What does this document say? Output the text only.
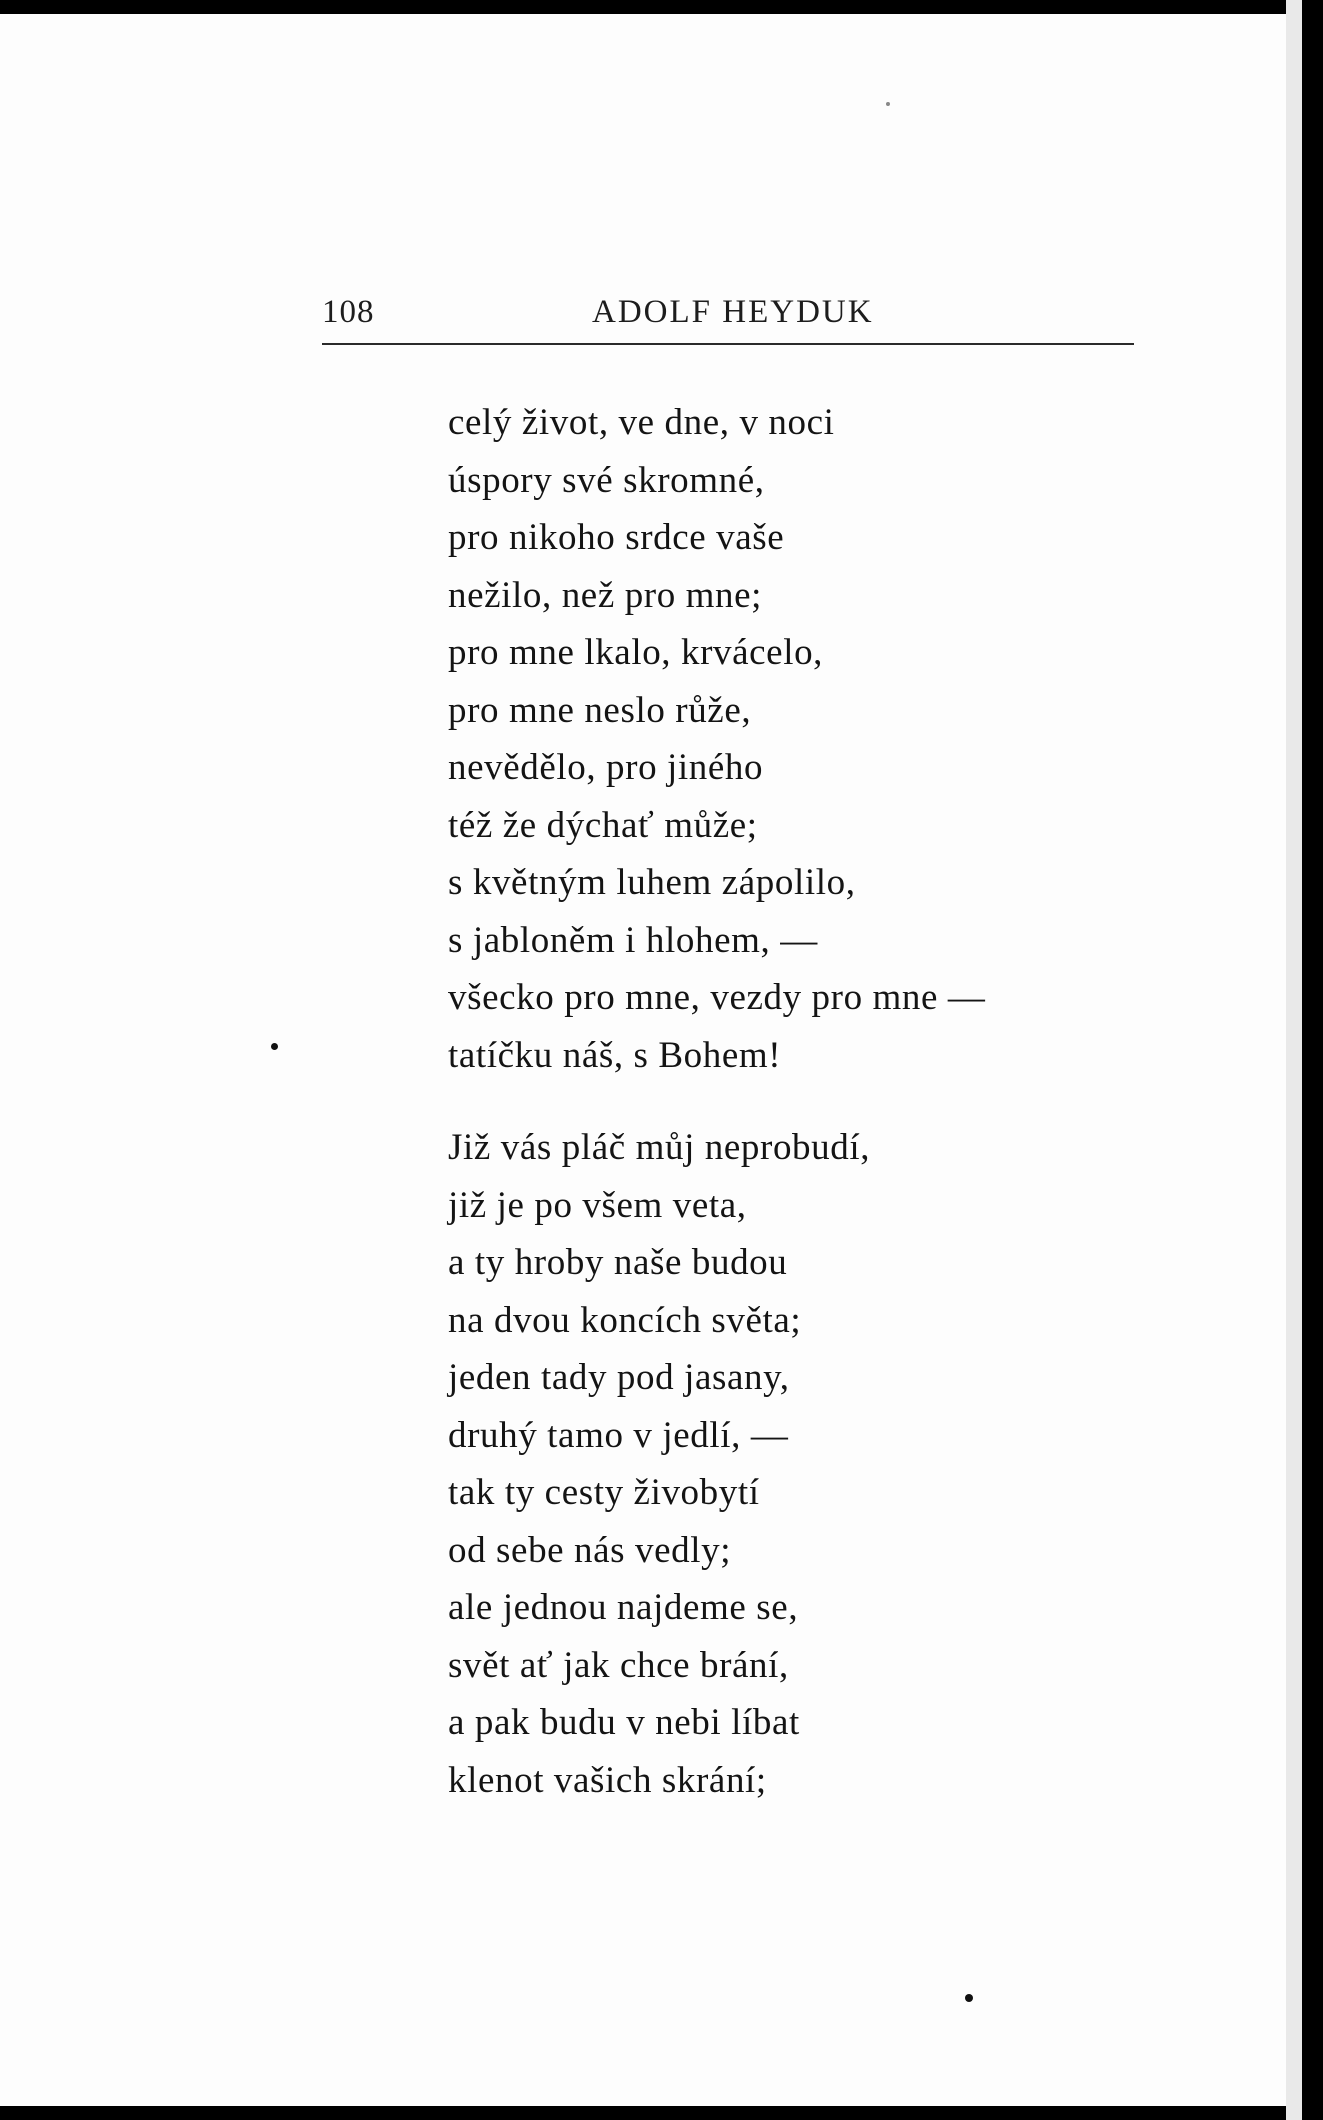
108	ADOLF HEYDUK
celý život, ve dne, v noci
úspory své skromné,
pro nikoho srdce vaše
nežilo, než pro mne;
pro mne lkalo, krvácelo,
pro mne neslo růže,
nevědělo, pro jiného
též že dýchať může;
s květným luhem zápolilo,
s jabloněm i hlohem, —
všecko pro mne, vezdy pro mne —
tatíčku náš, s Bohem!
Již vás pláč můj neprobudí,
již je po všem veta,
a ty hroby naše budou
na dvou koncích světa;
jeden tady pod jasany,
druhý tamo v jedlí, —
tak ty cesty živobytí
od sebe nás vedly;
ale jednou najdeme se,
svět ať jak chce brání,
a pak budu v nebi líbat
klenot vašich skrání;
